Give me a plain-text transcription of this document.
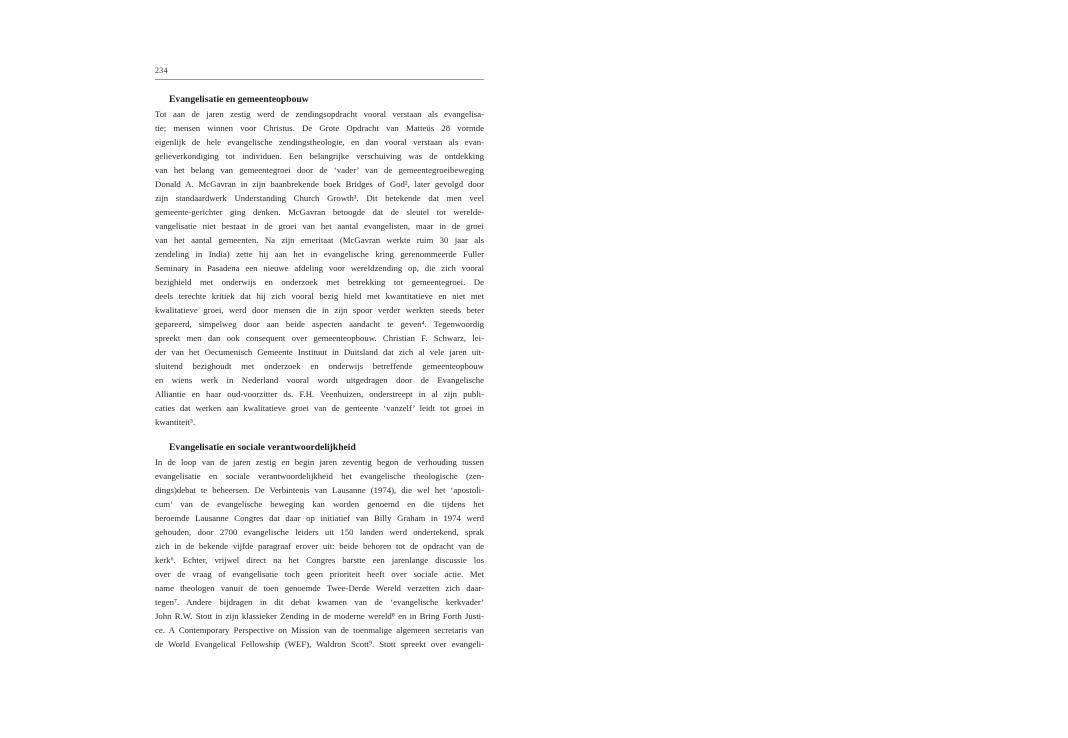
234
Evangelisatie en gemeenteopbouw
Tot aan de jaren zestig werd de zendingsopdracht vooral verstaan als evangelisa-
tie; mensen winnen voor Christus. De Grote Opdracht van Matteüs 28 vormde
eigenlijk de hele evangelische zendingstheologie, en dan vooral verstaan als evan-
gelieverkondiging tot individuen. Een belangrijke verschuiving was de ontdekking
van het belang van gemeentegroei door de ‘vader’ van de gemeentegroeibeweging
Donald A. McGavran in zijn baanbrekende boek Bridges of God², later gevolgd door
zijn standaardwerk Understanding Church Growth³. Dit betekende dat men veel
gemeente-gerichter ging denken. McGavran betoogde dat de sleutel tot wereldе-
vangelisatie niet bestaat in de groei van het aantal evangelisten, maar in de groei
van het aantal gemeenten. Na zijn emeritaat (McGavran werkte ruim 30 jaar als
zendeling in India) zette hij aan het in evangelische kring gerenommeerde Fuller
Seminary in Pasadena een nieuwe afdeling voor wereldzending op, die zich vooral
bezighield met onderwijs en onderzoek met betrekking tot gemeentegroei. De
deels terechte kritiek dat hij zich vooral bezig hield met kwantitatieve en niet met
kwalitatieve groei, werd door mensen die in zijn spoor verder werkten steeds beter
gepareerd, simpelweg door aan beide aspecten aandacht te geven⁴. Tegenwoordig
spreekt men dan ook consequent over gemeenteopbouw. Christian F. Schwarz, lei-
der van het Oecumenisch Gemeente Instituut in Duitsland dat zich al vele jaren uit-
sluitend bezighoudt met onderzoek en onderwijs betreffende gemeenteopbouw
en wiens werk in Nederland vooral wordt uitgedragen door de Evangelische
Alliantie en haar oud-voorzitter ds. F.H. Veenhuizen, onderstreept in al zijn publi-
caties dat werken aan kwalitatieve groei van de gemeente ‘vanzelf’ leidt tot groei in
kwantiteit⁵.
Evangelisatie en sociale verantwoordelijkheid
In de loop van de jaren zestig en begin jaren zeventig begon de verhouding tussen
evangelisatie en sociale verantwoordelijkheid het evangelische theologische (zen-
dings)debat te beheersen. De Verbintenis van Lausanne (1974), die wel het ‘apostoli-
cum’ van de evangelische beweging kan worden genoemd en die tijdens het
beroemde Lausanne Congres dat daar op initiatief van Billy Graham in 1974 werd
gehouden, door 2700 evangelische leiders uit 150 landen werd ondertekend, sprak
zich in de bekende vijfde paragraaf erover uit: beide behoren tot de opdracht van de
kerk⁶. Echter, vrijwel direct na het Congres barstte een jarenlange discussie los
over de vraag of evangelisatie toch geen prioriteit heeft over sociale actie. Met
name theologen vanuit de toen genoemde Twee-Derde Wereld verzetten zich daar-
tegen⁷. Andere bijdragen in dit debat kwamen van de ‘evangelische kerkvader’
John R.W. Stott in zijn klassieker Zending in de moderne wereld⁸ en in Bring Forth Justi-
ce. A Contemporary Perspective on Mission van de toenmalige algemeen secretaris van
de World Evangelical Fellowship (WEF), Waldron Scott⁹. Stott spreekt over evangeli-
